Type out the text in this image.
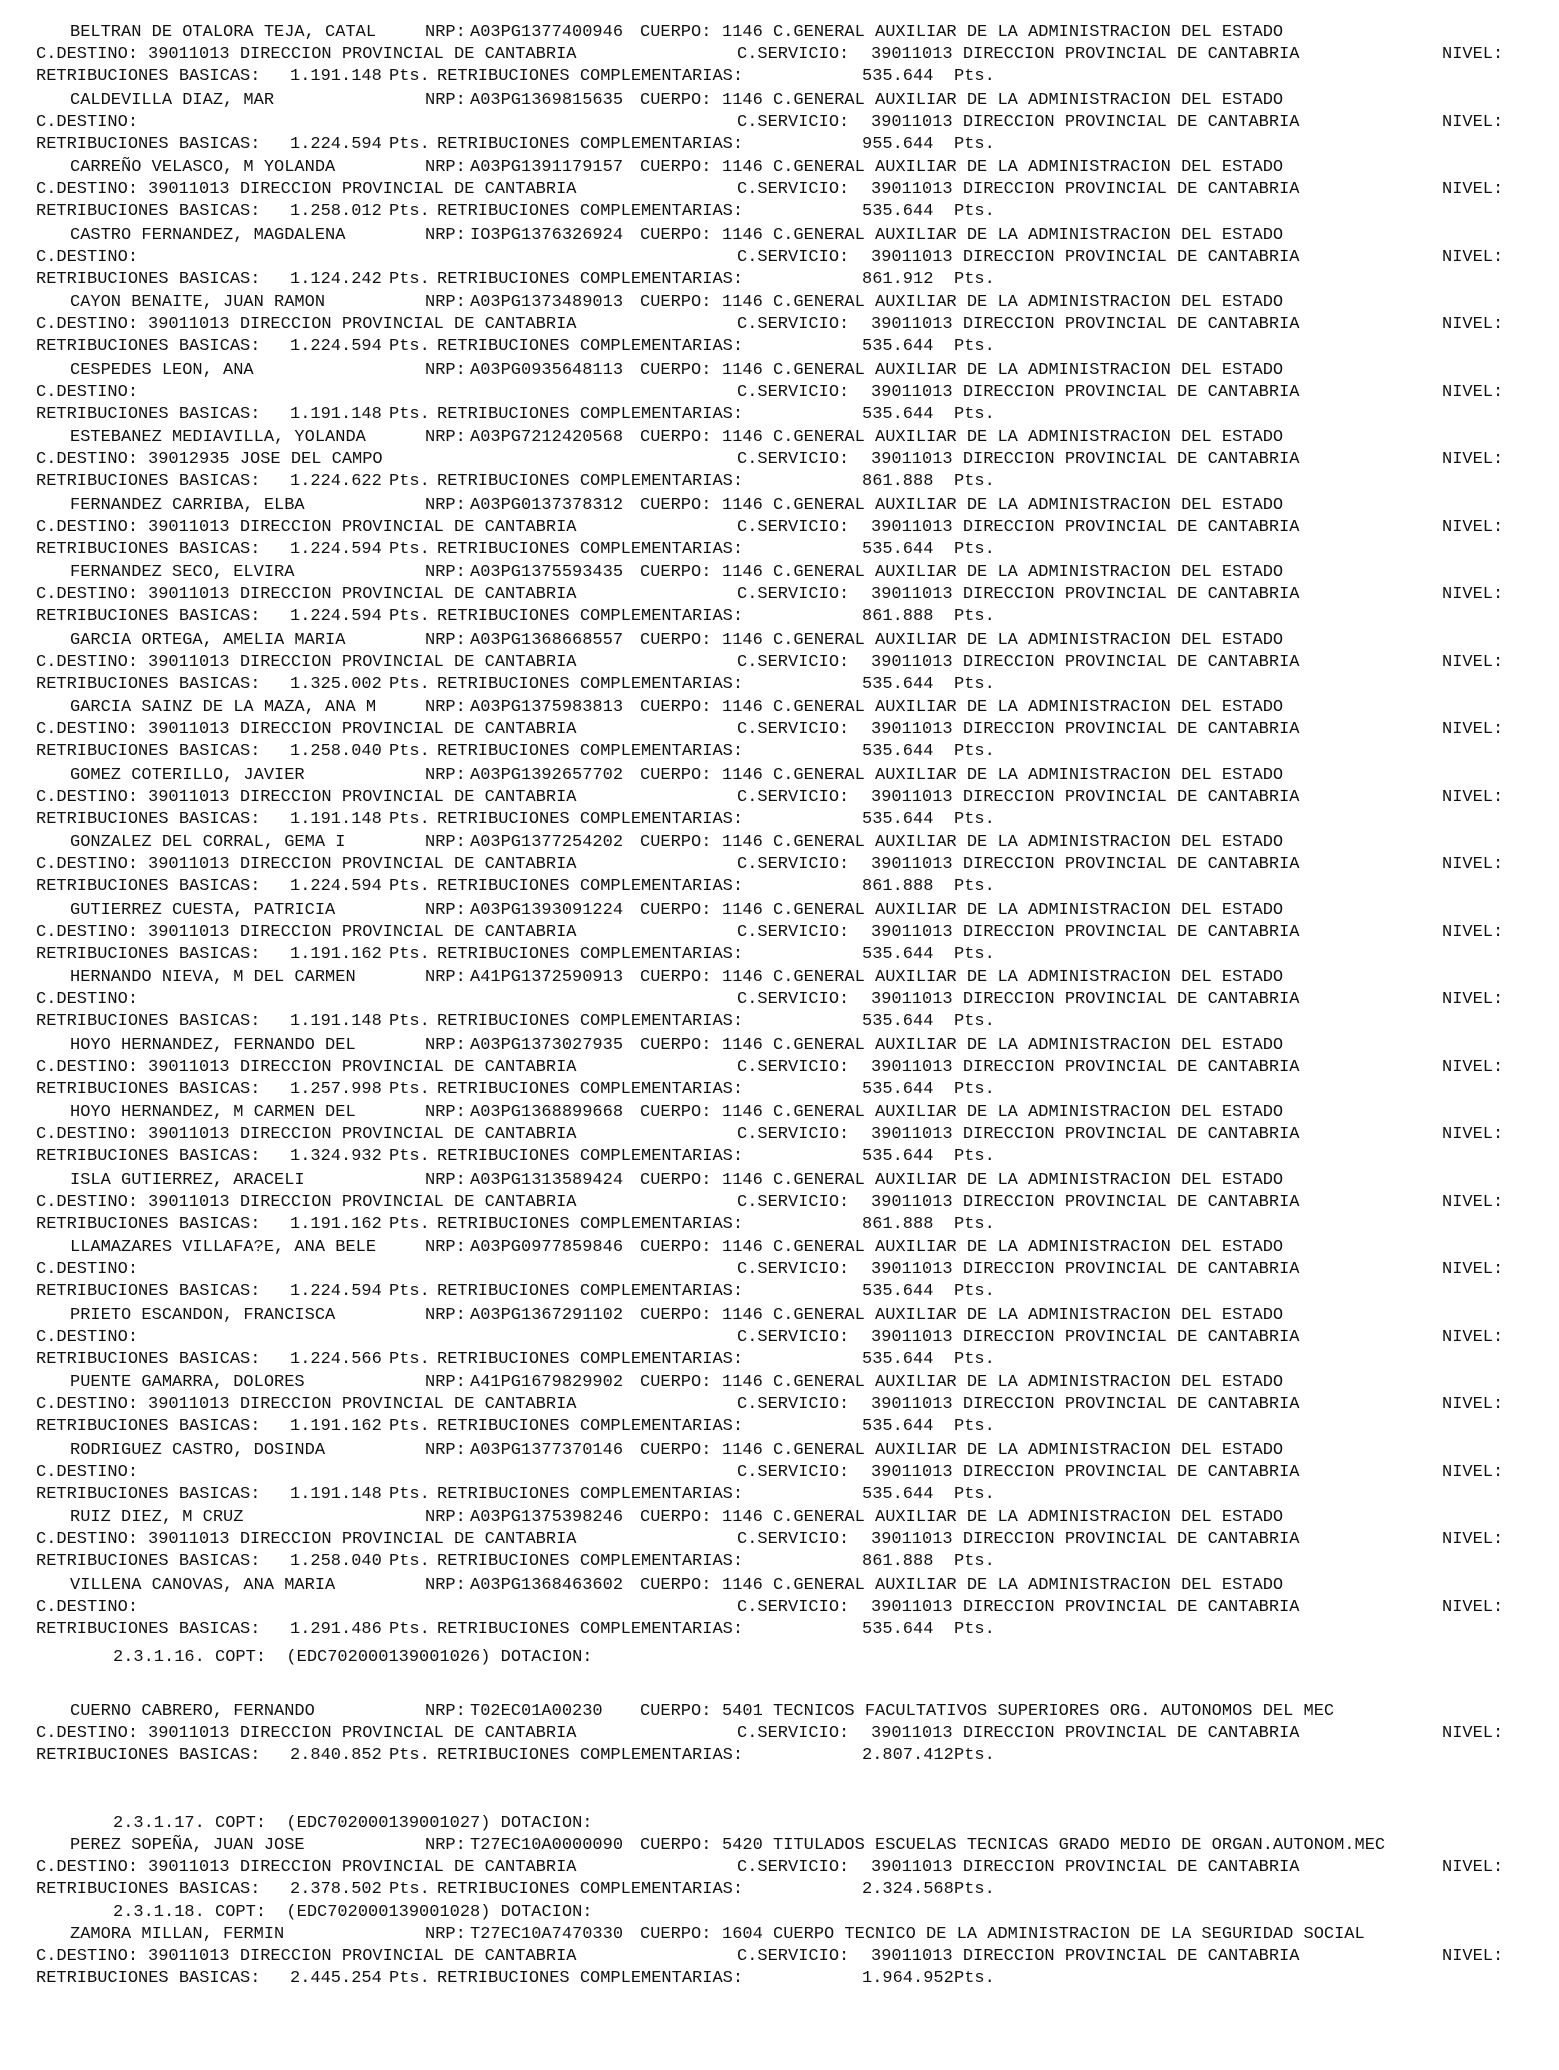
BELTRAN DE OTALORA TEJA, CATAL	NRP: A03PG1377400946 CUERPO: 1146 C.GENERAL AUXILIAR DE LA ADMINISTRACION DEL ESTADO
C.DESTINO: 39011013 DIRECCION PROVINCIAL DE CANTABRIA	C.SERVICIO: 39011013 DIRECCION PROVINCIAL DE CANTABRIA	NIVEL:
RETRIBUCIONES BASICAS: 1.191.148 Pts. RETRIBUCIONES COMPLEMENTARIAS:	535.644 Pts.
CALDEVILLA DIAZ, MAR	NRP: A03PG1369815635 CUERPO: 1146 C.GENERAL AUXILIAR DE LA ADMINISTRACION DEL ESTADO
C.DESTINO:	C.SERVICIO: 39011013 DIRECCION PROVINCIAL DE CANTABRIA	NIVEL:
RETRIBUCIONES BASICAS: 1.224.594 Pts. RETRIBUCIONES COMPLEMENTARIAS:	955.644 Pts.
CARREÑO VELASCO, M YOLANDA	NRP: A03PG1391179157 CUERPO: 1146 C.GENERAL AUXILIAR DE LA ADMINISTRACION DEL ESTADO
C.DESTINO: 39011013 DIRECCION PROVINCIAL DE CANTABRIA	C.SERVICIO: 39011013 DIRECCION PROVINCIAL DE CANTABRIA	NIVEL:
RETRIBUCIONES BASICAS: 1.258.012 Pts. RETRIBUCIONES COMPLEMENTARIAS:	535.644 Pts.
CASTRO FERNANDEZ, MAGDALENA	NRP: IO3PG1376326924 CUERPO: 1146 C.GENERAL AUXILIAR DE LA ADMINISTRACION DEL ESTADO
C.DESTINO:	C.SERVICIO: 39011013 DIRECCION PROVINCIAL DE CANTABRIA	NIVEL:
RETRIBUCIONES BASICAS: 1.124.242 Pts. RETRIBUCIONES COMPLEMENTARIAS:	861.912 Pts.
CAYON BENAITE, JUAN RAMON	NRP: A03PG1373489013 CUERPO: 1146 C.GENERAL AUXILIAR DE LA ADMINISTRACION DEL ESTADO
C.DESTINO: 39011013 DIRECCION PROVINCIAL DE CANTABRIA	C.SERVICIO: 39011013 DIRECCION PROVINCIAL DE CANTABRIA	NIVEL:
RETRIBUCIONES BASICAS: 1.224.594 Pts. RETRIBUCIONES COMPLEMENTARIAS:	535.644 Pts.
CESPEDES LEON, ANA	NRP: A03PG0935648113 CUERPO: 1146 C.GENERAL AUXILIAR DE LA ADMINISTRACION DEL ESTADO
C.DESTINO:	C.SERVICIO: 39011013 DIRECCION PROVINCIAL DE CANTABRIA	NIVEL:
RETRIBUCIONES BASICAS: 1.191.148 Pts. RETRIBUCIONES COMPLEMENTARIAS:	535.644 Pts.
ESTEBANEZ MEDIAVILLA, YOLANDA	NRP: A03PG7212420568 CUERPO: 1146 C.GENERAL AUXILIAR DE LA ADMINISTRACION DEL ESTADO
C.DESTINO: 39012935 JOSE DEL CAMPO	C.SERVICIO: 39011013 DIRECCION PROVINCIAL DE CANTABRIA	NIVEL:
RETRIBUCIONES BASICAS: 1.224.622 Pts. RETRIBUCIONES COMPLEMENTARIAS:	861.888 Pts.
FERNANDEZ CARRIBA, ELBA	NRP: A03PG0137378312 CUERPO: 1146 C.GENERAL AUXILIAR DE LA ADMINISTRACION DEL ESTADO
C.DESTINO: 39011013 DIRECCION PROVINCIAL DE CANTABRIA	C.SERVICIO: 39011013 DIRECCION PROVINCIAL DE CANTABRIA	NIVEL:
RETRIBUCIONES BASICAS: 1.224.594 Pts. RETRIBUCIONES COMPLEMENTARIAS:	535.644 Pts.
FERNANDEZ SECO, ELVIRA	NRP: A03PG1375593435 CUERPO: 1146 C.GENERAL AUXILIAR DE LA ADMINISTRACION DEL ESTADO
C.DESTINO: 39011013 DIRECCION PROVINCIAL DE CANTABRIA	C.SERVICIO: 39011013 DIRECCION PROVINCIAL DE CANTABRIA	NIVEL:
RETRIBUCIONES BASICAS: 1.224.594 Pts. RETRIBUCIONES COMPLEMENTARIAS:	861.888 Pts.
GARCIA ORTEGA, AMELIA MARIA	NRP: A03PG1368668557 CUERPO: 1146 C.GENERAL AUXILIAR DE LA ADMINISTRACION DEL ESTADO
C.DESTINO: 39011013 DIRECCION PROVINCIAL DE CANTABRIA	C.SERVICIO: 39011013 DIRECCION PROVINCIAL DE CANTABRIA	NIVEL:
RETRIBUCIONES BASICAS: 1.325.002 Pts. RETRIBUCIONES COMPLEMENTARIAS:	535.644 Pts.
GARCIA SAINZ DE LA MAZA, ANA M	NRP: A03PG1375983813 CUERPO: 1146 C.GENERAL AUXILIAR DE LA ADMINISTRACION DEL ESTADO
C.DESTINO: 39011013 DIRECCION PROVINCIAL DE CANTABRIA	C.SERVICIO: 39011013 DIRECCION PROVINCIAL DE CANTABRIA	NIVEL:
RETRIBUCIONES BASICAS: 1.258.040 Pts. RETRIBUCIONES COMPLEMENTARIAS:	535.644 Pts.
GOMEZ COTERILLO, JAVIER	NRP: A03PG1392657702 CUERPO: 1146 C.GENERAL AUXILIAR DE LA ADMINISTRACION DEL ESTADO
C.DESTINO: 39011013 DIRECCION PROVINCIAL DE CANTABRIA	C.SERVICIO: 39011013 DIRECCION PROVINCIAL DE CANTABRIA	NIVEL:
RETRIBUCIONES BASICAS: 1.191.148 Pts. RETRIBUCIONES COMPLEMENTARIAS:	535.644 Pts.
GONZALEZ DEL CORRAL, GEMA I	NRP: A03PG1377254202 CUERPO: 1146 C.GENERAL AUXILIAR DE LA ADMINISTRACION DEL ESTADO
C.DESTINO: 39011013 DIRECCION PROVINCIAL DE CANTABRIA	C.SERVICIO: 39011013 DIRECCION PROVINCIAL DE CANTABRIA	NIVEL:
RETRIBUCIONES BASICAS: 1.224.594 Pts. RETRIBUCIONES COMPLEMENTARIAS:	861.888 Pts.
GUTIERREZ CUESTA, PATRICIA	NRP: A03PG1393091224 CUERPO: 1146 C.GENERAL AUXILIAR DE LA ADMINISTRACION DEL ESTADO
C.DESTINO: 39011013 DIRECCION PROVINCIAL DE CANTABRIA	C.SERVICIO: 39011013 DIRECCION PROVINCIAL DE CANTABRIA	NIVEL:
RETRIBUCIONES BASICAS: 1.191.162 Pts. RETRIBUCIONES COMPLEMENTARIAS:	535.644 Pts.
HERNANDO NIEVA, M DEL CARMEN	NRP: A41PG1372590913 CUERPO: 1146 C.GENERAL AUXILIAR DE LA ADMINISTRACION DEL ESTADO
C.DESTINO:	C.SERVICIO: 39011013 DIRECCION PROVINCIAL DE CANTABRIA	NIVEL:
RETRIBUCIONES BASICAS: 1.191.148 Pts. RETRIBUCIONES COMPLEMENTARIAS:	535.644 Pts.
HOYO HERNANDEZ, FERNANDO DEL	NRP: A03PG1373027935 CUERPO: 1146 C.GENERAL AUXILIAR DE LA ADMINISTRACION DEL ESTADO
C.DESTINO: 39011013 DIRECCION PROVINCIAL DE CANTABRIA	C.SERVICIO: 39011013 DIRECCION PROVINCIAL DE CANTABRIA	NIVEL:
RETRIBUCIONES BASICAS: 1.257.998 Pts. RETRIBUCIONES COMPLEMENTARIAS:	535.644 Pts.
HOYO HERNANDEZ, M CARMEN DEL	NRP: A03PG1368899668 CUERPO: 1146 C.GENERAL AUXILIAR DE LA ADMINISTRACION DEL ESTADO
C.DESTINO: 39011013 DIRECCION PROVINCIAL DE CANTABRIA	C.SERVICIO: 39011013 DIRECCION PROVINCIAL DE CANTABRIA	NIVEL:
RETRIBUCIONES BASICAS: 1.324.932 Pts. RETRIBUCIONES COMPLEMENTARIAS:	535.644 Pts.
ISLA GUTIERREZ, ARACELI	NRP: A03PG1313589424 CUERPO: 1146 C.GENERAL AUXILIAR DE LA ADMINISTRACION DEL ESTADO
C.DESTINO: 39011013 DIRECCION PROVINCIAL DE CANTABRIA	C.SERVICIO: 39011013 DIRECCION PROVINCIAL DE CANTABRIA	NIVEL:
RETRIBUCIONES BASICAS: 1.191.162 Pts. RETRIBUCIONES COMPLEMENTARIAS:	861.888 Pts.
LLAMAZARES VILLAFA?E, ANA BELE	NRP: A03PG0977859846 CUERPO: 1146 C.GENERAL AUXILIAR DE LA ADMINISTRACION DEL ESTADO
C.DESTINO:	C.SERVICIO: 39011013 DIRECCION PROVINCIAL DE CANTABRIA	NIVEL:
RETRIBUCIONES BASICAS: 1.224.594 Pts. RETRIBUCIONES COMPLEMENTARIAS:	535.644 Pts.
PRIETO ESCANDON, FRANCISCA	NRP: A03PG1367291102 CUERPO: 1146 C.GENERAL AUXILIAR DE LA ADMINISTRACION DEL ESTADO
C.DESTINO:	C.SERVICIO: 39011013 DIRECCION PROVINCIAL DE CANTABRIA	NIVEL:
RETRIBUCIONES BASICAS: 1.224.566 Pts. RETRIBUCIONES COMPLEMENTARIAS:	535.644 Pts.
PUENTE GAMARRA, DOLORES	NRP: A41PG1679829902 CUERPO: 1146 C.GENERAL AUXILIAR DE LA ADMINISTRACION DEL ESTADO
C.DESTINO: 39011013 DIRECCION PROVINCIAL DE CANTABRIA	C.SERVICIO: 39011013 DIRECCION PROVINCIAL DE CANTABRIA	NIVEL:
RETRIBUCIONES BASICAS: 1.191.162 Pts. RETRIBUCIONES COMPLEMENTARIAS:	535.644 Pts.
RODRIGUEZ CASTRO, DOSINDA	NRP: A03PG1377370146 CUERPO: 1146 C.GENERAL AUXILIAR DE LA ADMINISTRACION DEL ESTADO
C.DESTINO:	C.SERVICIO: 39011013 DIRECCION PROVINCIAL DE CANTABRIA	NIVEL:
RETRIBUCIONES BASICAS: 1.191.148 Pts. RETRIBUCIONES COMPLEMENTARIAS:	535.644 Pts.
RUIZ DIEZ, M CRUZ	NRP: A03PG1375398246 CUERPO: 1146 C.GENERAL AUXILIAR DE LA ADMINISTRACION DEL ESTADO
C.DESTINO: 39011013 DIRECCION PROVINCIAL DE CANTABRIA	C.SERVICIO: 39011013 DIRECCION PROVINCIAL DE CANTABRIA	NIVEL:
RETRIBUCIONES BASICAS: 1.258.040 Pts. RETRIBUCIONES COMPLEMENTARIAS:	861.888 Pts.
VILLENA CANOVAS, ANA MARIA	NRP: A03PG1368463602 CUERPO: 1146 C.GENERAL AUXILIAR DE LA ADMINISTRACION DEL ESTADO
C.DESTINO:	C.SERVICIO: 39011013 DIRECCION PROVINCIAL DE CANTABRIA	NIVEL:
RETRIBUCIONES BASICAS: 1.291.486 Pts. RETRIBUCIONES COMPLEMENTARIAS:	535.644 Pts.
2.3.1.16. COPT:  (EDC702000139001026) DOTACION:
CUERNO CABRERO, FERNANDO	NRP: T02EC01A00230 CUERPO: 5401 TECNICOS FACULTATIVOS SUPERIORES ORG. AUTONOMOS DEL MEC
C.DESTINO: 39011013 DIRECCION PROVINCIAL DE CANTABRIA	C.SERVICIO: 39011013 DIRECCION PROVINCIAL DE CANTABRIA	NIVEL:
RETRIBUCIONES BASICAS: 2.840.852 Pts. RETRIBUCIONES COMPLEMENTARIAS:	2.807.412 Pts.
2.3.1.17. COPT:  (EDC702000139001027) DOTACION:
PEREZ SOPEÑA, JUAN JOSE	NRP: T27EC10A0000090 CUERPO: 5420 TITULADOS ESCUELAS TECNICAS GRADO MEDIO DE ORGAN.AUTONOM.MEC
C.DESTINO: 39011013 DIRECCION PROVINCIAL DE CANTABRIA	C.SERVICIO: 39011013 DIRECCION PROVINCIAL DE CANTABRIA	NIVEL:
RETRIBUCIONES BASICAS: 2.378.502 Pts. RETRIBUCIONES COMPLEMENTARIAS:	2.324.568 Pts.
2.3.1.18. COPT:  (EDC702000139001028) DOTACION:
ZAMORA MILLAN, FERMIN	NRP: T27EC10A7470330 CUERPO: 1604 CUERPO TECNICO DE LA ADMINISTRACION DE LA SEGURIDAD SOCIAL
C.DESTINO: 39011013 DIRECCION PROVINCIAL DE CANTABRIA	C.SERVICIO: 39011013 DIRECCION PROVINCIAL DE CANTABRIA	NIVEL:
RETRIBUCIONES BASICAS: 2.445.254 Pts. RETRIBUCIONES COMPLEMENTARIAS:	1.964.952 Pts.
